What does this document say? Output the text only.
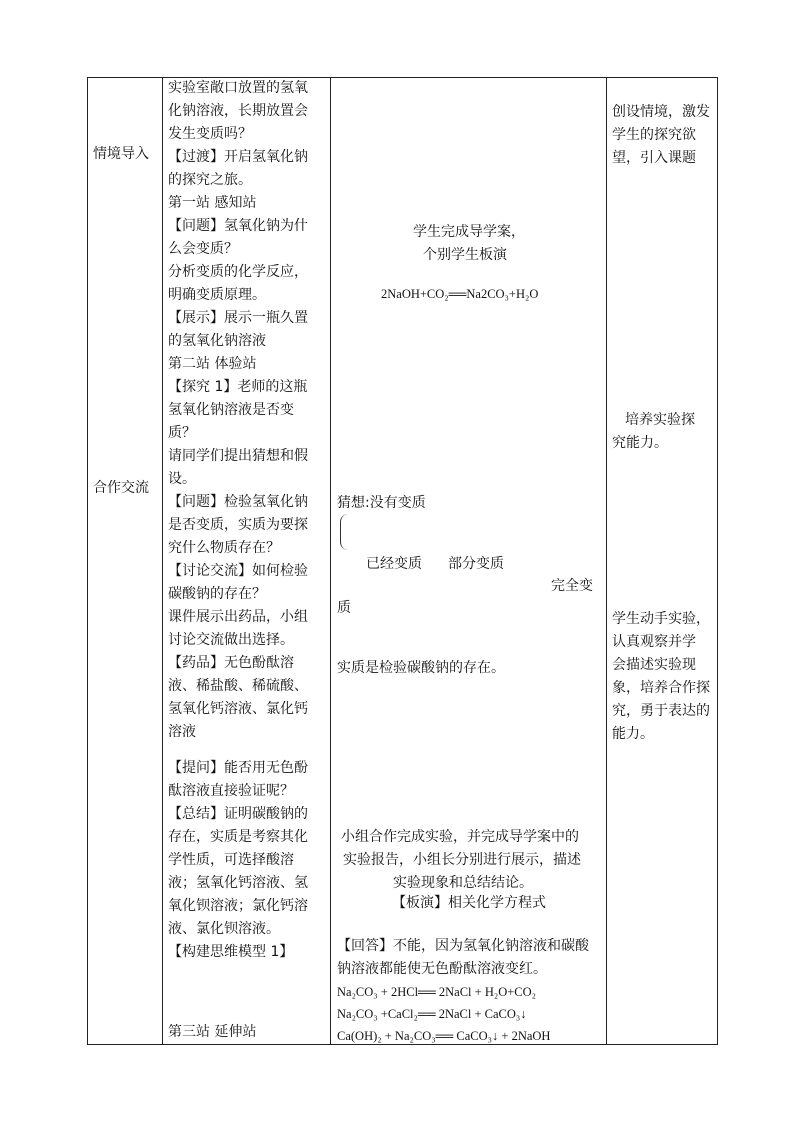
情境导入
合作交流
实验室敞口放置的氢氧
化钠溶液，长期放置会
发生变质吗？
【过渡】开启氢氧化钠
的探究之旅。
第一站 感知站
【问题】氢氧化钠为什
么会变质？
分析变质的化学反应，
明确变质原理。
【展示】展示一瓶久置
的氢氧化钠溶液
第二站 体验站
【探究 1】老师的这瓶
氢氧化钠溶液是否变
质？
请同学们提出猜想和假
设。
【问题】检验氢氧化钠
是否变质，实质为要探
究什么物质存在？
【讨论交流】如何检验
碳酸钠的存在？
课件展示出药品，小组
讨论交流做出选择。
【药品】无色酚酞溶
液、稀盐酸、稀硫酸、
氢氧化钙溶液、氯化钙
溶液
【提问】能否用无色酚
酞溶液直接验证呢？
【总结】证明碳酸钠的
存在，实质是考察其化
学性质，可选择酸溶
液；氢氧化钙溶液、氢
氧化钡溶液；氯化钙溶
液、氯化钡溶液。
【构建思维模型 1】
第三站 延伸站
学生完成导学案，
个别学生板演
2NaOH+CO₂══Na2CO₃+H₂O
猜想:没有变质
已经变质 部分变质
完全变
质
实质是检验碳酸钠的存在。
小组合作完成实验，并完成导学案中的
实验报告，小组长分别进行展示，描述
实验现象和总结结论。
【板演】相关化学方程式
【回答】不能，因为氢氧化钠溶液和碳酸
钠溶液都能使无色酚酞溶液变红。
Na₂CO₃ + 2HCl══ 2NaCl + H₂O+CO₂
Na₂CO₃ +CaCl₂══ 2NaCl + CaCO₃↓
Ca(OH)₂ + Na₂CO₃══ CaCO₃↓ + 2NaOH
创设情境，激发
学生的探究欲
望，引入课题
培养实验探
究能力。
学生动手实验，
认真观察并学
会描述实验现
象，培养合作探
究，勇于表达的
能力。
